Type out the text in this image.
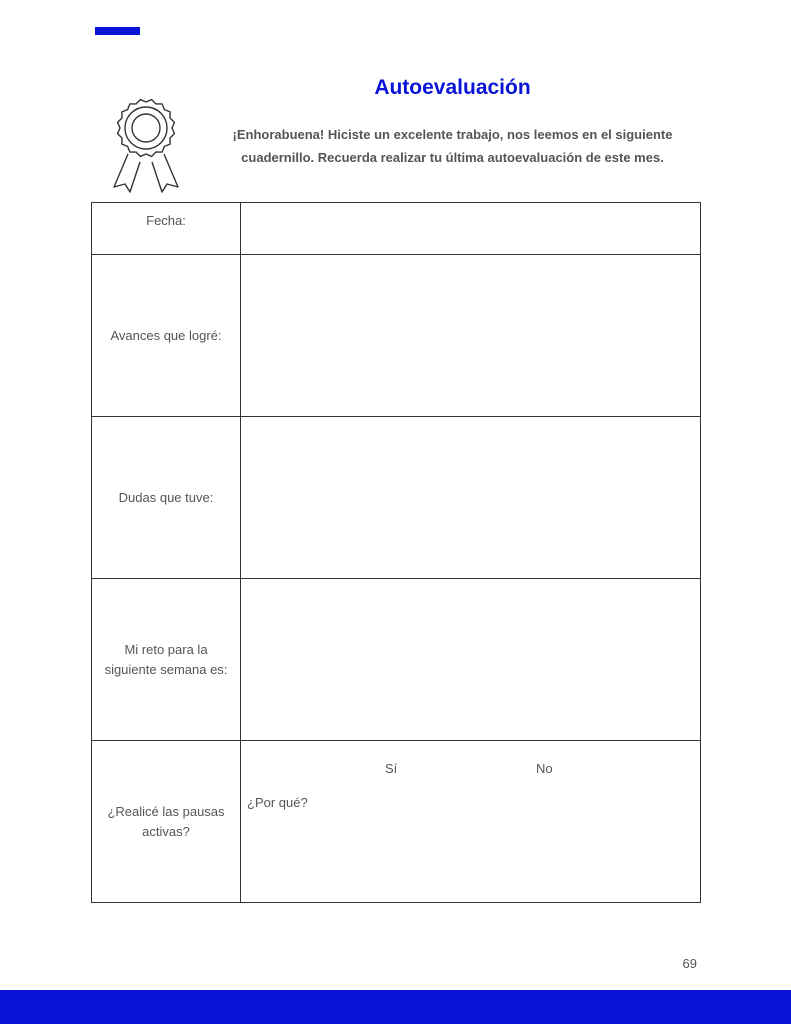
Autoevaluación
¡Enhorabuena! Hiciste un excelente trabajo, nos leemos en el siguiente
cuadernillo. Recuerda realizar tu última autoevaluación de este mes.
Fecha:	

Avances que logré:	

Dudas que tuve:	

Mi reto para la
siguiente semana es:	

¿Realicé las pausas
activas?	Sí No
¿Por qué?
69
